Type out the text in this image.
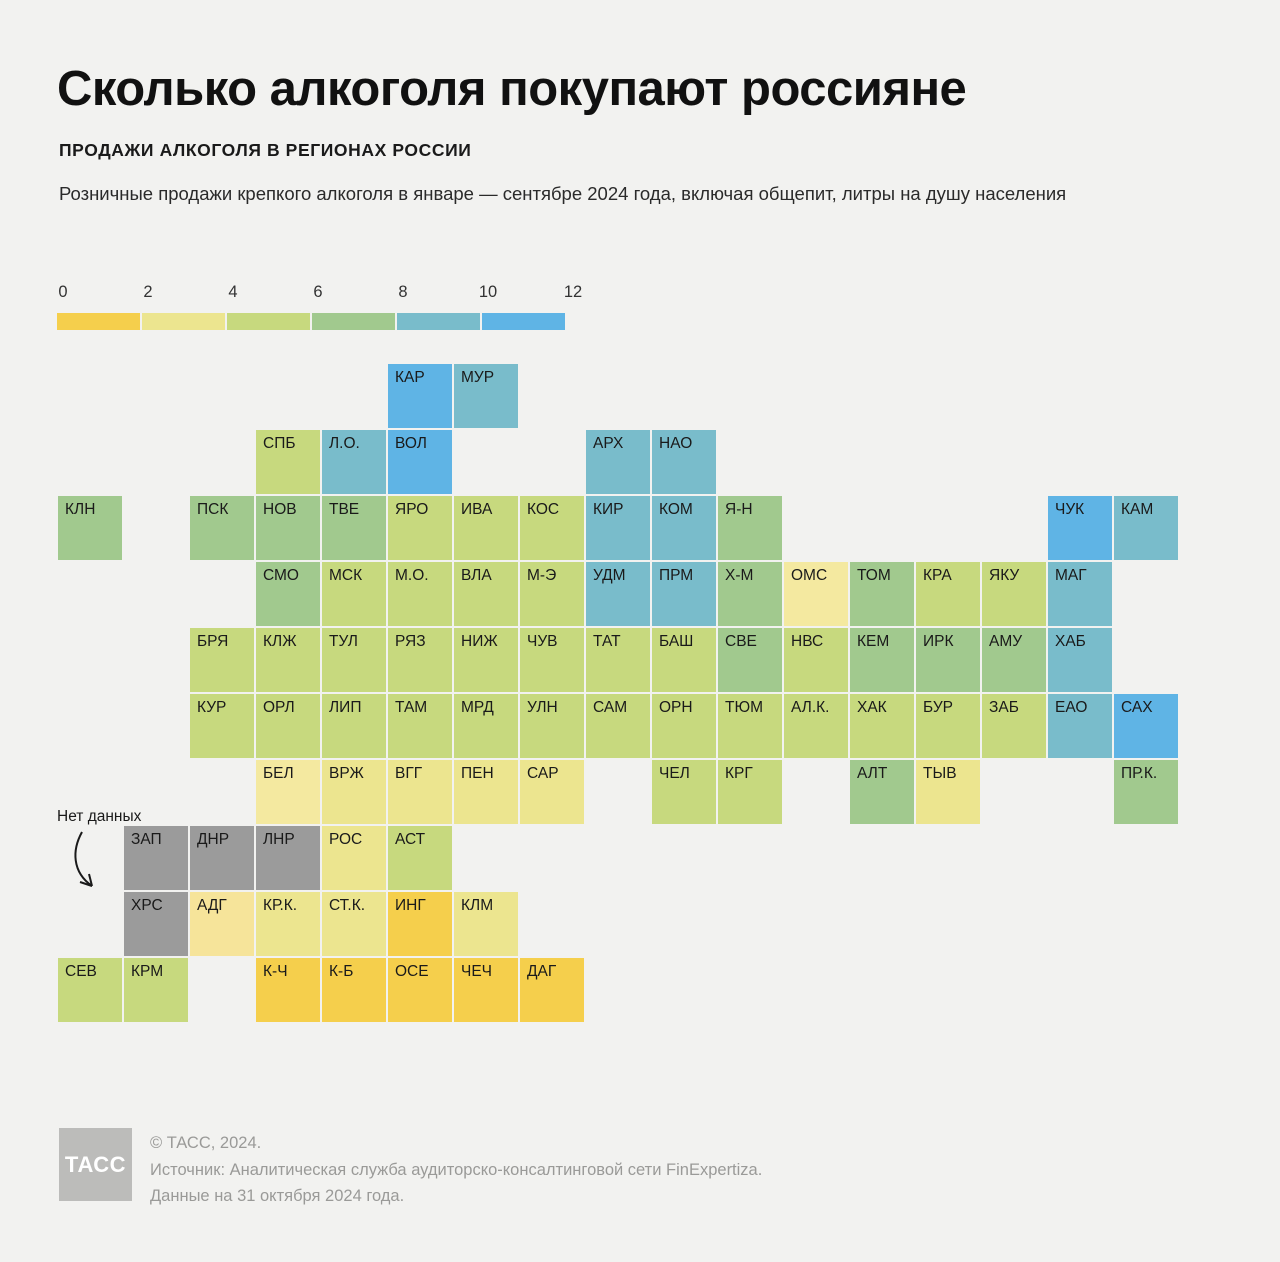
Сколько алкоголя покупают россияне
ПРОДАЖИ АЛКОГОЛЯ В РЕГИОНАХ РОССИИ
Розничные продажи крепкого алкоголя в январе — сентябре 2024 года, включая общепит, литры на душу населения
0	2	4	6	8	10	12
КАР	МУР
СПБ	Л.О.	ВОЛ	АРХ	НАО
КЛН	ПСК	НОВ	ТВЕ	ЯРО	ИВА	КОС	КИР	КОМ	Я-Н	ЧУК	КАМ
СМО	МСК	М.О.	ВЛА	М-Э	УДМ	ПРМ	Х-М	ОМС	ТОМ	КРА	ЯКУ	МАГ
БРЯ	КЛЖ	ТУЛ	РЯЗ	НИЖ	ЧУВ	ТАТ	БАШ	СВЕ	НВС	КЕМ	ИРК	АМУ	ХАБ
КУР	ОРЛ	ЛИП	ТАМ	МРД	УЛН	САМ	ОРН	ТЮМ	АЛ.К.	ХАК	БУР	ЗАБ	ЕАО	САХ
БЕЛ	ВРЖ	ВГГ	ПЕН	САР	ЧЕЛ	КРГ	АЛТ	ТЫВ	ПР.К.
ЗАП	ДНР	ЛНР	РОС	АСТ
ХРС	АДГ	КР.К.	СТ.К.	ИНГ	КЛМ
СЕВ	КРМ	К-Ч	К-Б	ОСЕ	ЧЕЧ	ДАГ
Нет данных
ТАСС
© ТАСС, 2024.
Источник: Аналитическая служба аудиторско-консалтинговой сети FinExpertiza.
Данные на 31 октября 2024 года.
